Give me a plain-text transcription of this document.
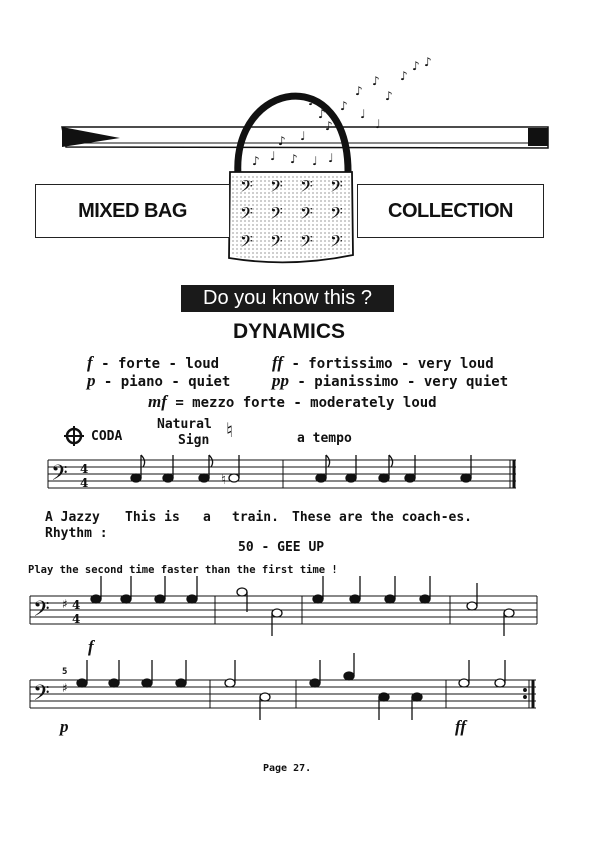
𝄢 𝄢 𝄢 𝄢
𝄢 𝄢 𝄢 𝄢
𝄢 𝄢 𝄢 𝄢
♪ ♩ ♪ ♩ ♩
♪ ♩
♪
♪
♪
♪
♪
♪
♪ ♪
♩
♩
♩
♪
MIXED BAG	COLLECTION
Do you know this ?
DYNAMICS
f - forte - loud	ff - fortissimo - very loud
p - piano - quiet pp - pianissimo - very quiet
mf = mezzo forte - moderately loud
CODA
Natural
Sign ♮	a tempo
𝄢 4
4
𝄢 ♯ 4
4
𝄢 ♯
♮
A Jazzy
Rhythm :
This is a train. These are the coach-es.
50 - GEE UP
Play the second time faster than the first time !
5
f
p	ff
Page 27.
